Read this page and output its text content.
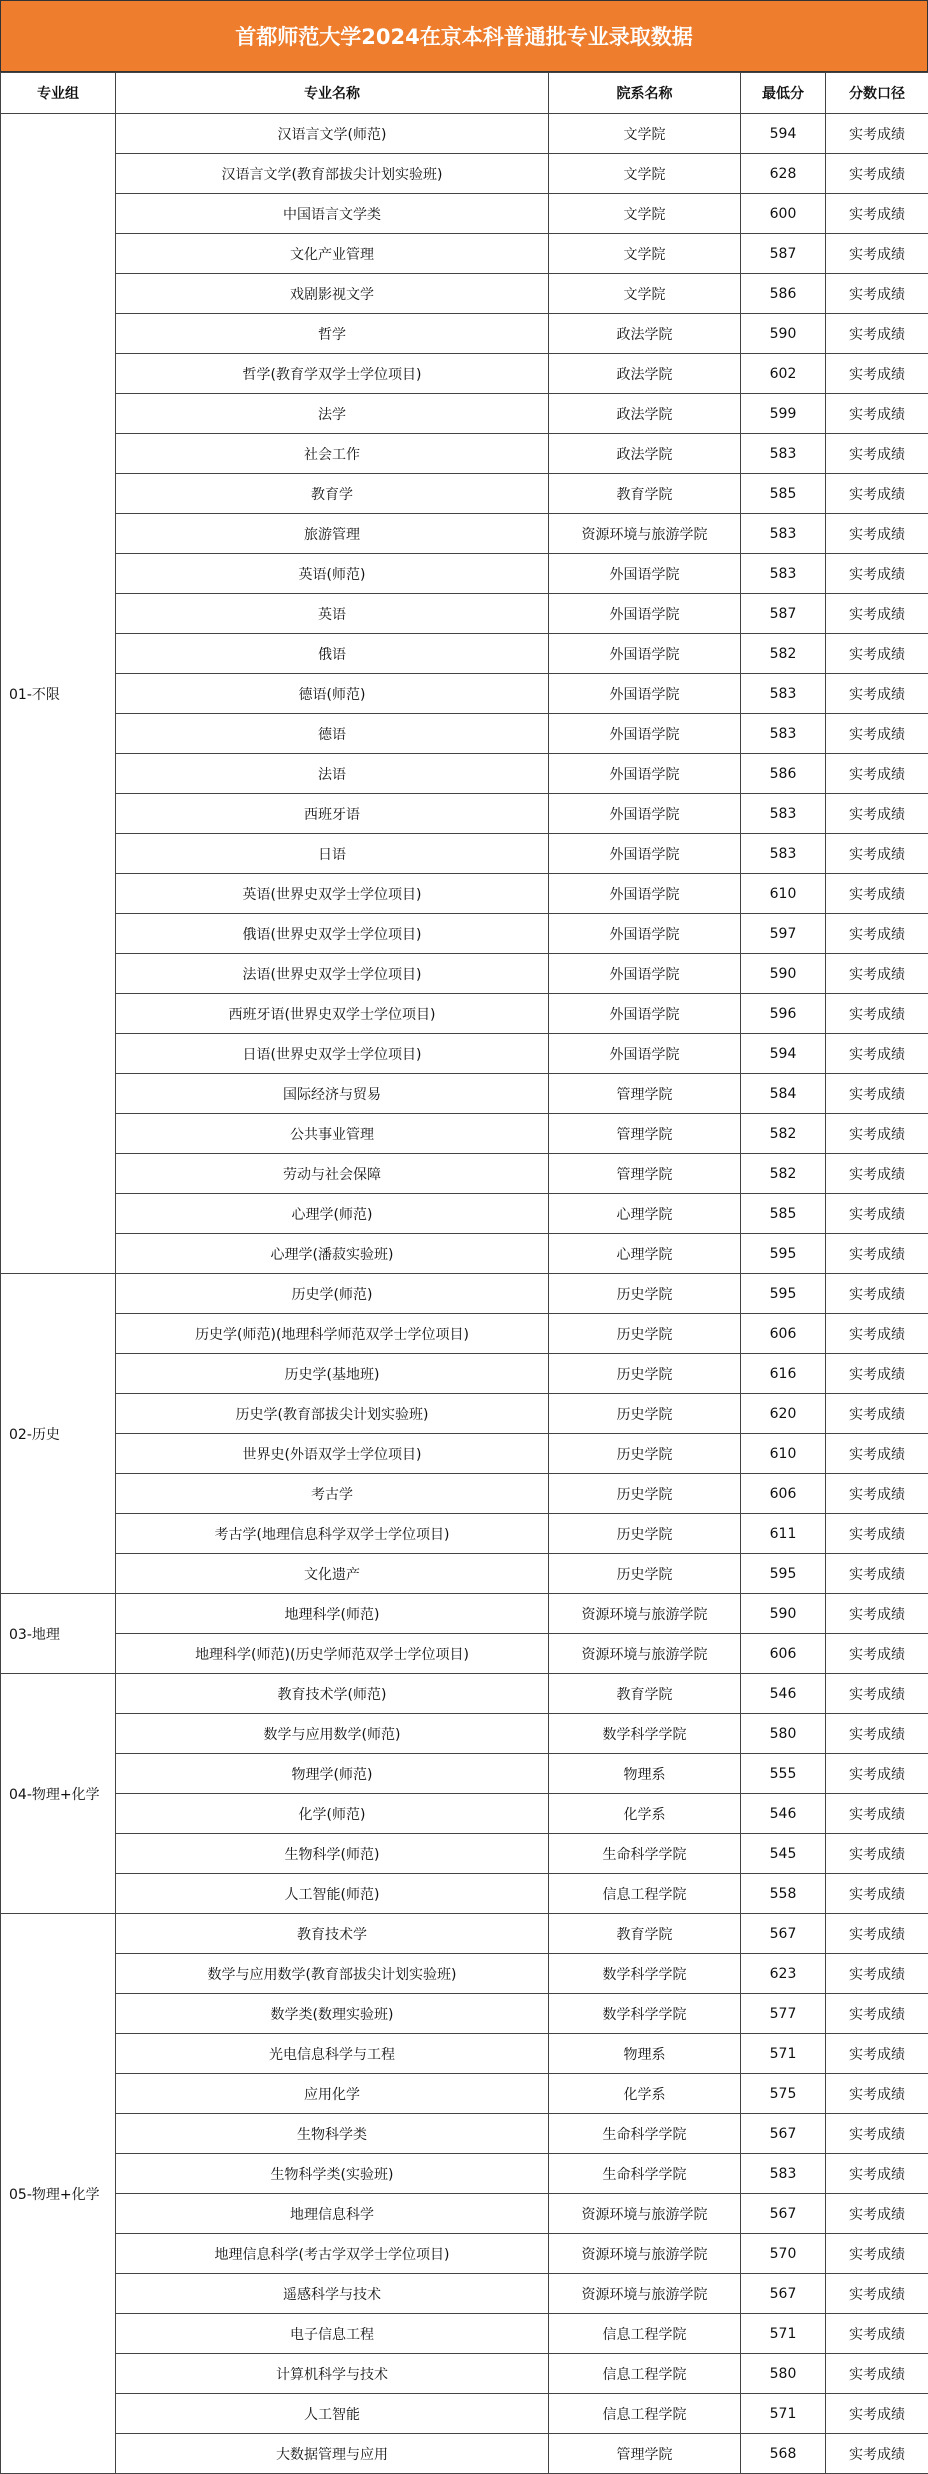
首都师范大学2024在京本科普通批专业录取数据
专业组	专业名称	院系名称	最低分	分数口径
01-不限	汉语言文学(师范)	文学院	594	实考成绩
	汉语言文学(教育部拔尖计划实验班)	文学院	628	实考成绩
	中国语言文学类	文学院	600	实考成绩
	文化产业管理	文学院	587	实考成绩
	戏剧影视文学	文学院	586	实考成绩
	哲学	政法学院	590	实考成绩
	哲学(教育学双学士学位项目)	政法学院	602	实考成绩
	法学	政法学院	599	实考成绩
	社会工作	政法学院	583	实考成绩
	教育学	教育学院	585	实考成绩
	旅游管理	资源环境与旅游学院	583	实考成绩
	英语(师范)	外国语学院	583	实考成绩
	英语	外国语学院	587	实考成绩
	俄语	外国语学院	582	实考成绩
	德语(师范)	外国语学院	583	实考成绩
	德语	外国语学院	583	实考成绩
	法语	外国语学院	586	实考成绩
	西班牙语	外国语学院	583	实考成绩
	日语	外国语学院	583	实考成绩
	英语(世界史双学士学位项目)	外国语学院	610	实考成绩
	俄语(世界史双学士学位项目)	外国语学院	597	实考成绩
	法语(世界史双学士学位项目)	外国语学院	590	实考成绩
	西班牙语(世界史双学士学位项目)	外国语学院	596	实考成绩
	日语(世界史双学士学位项目)	外国语学院	594	实考成绩
	国际经济与贸易	管理学院	584	实考成绩
	公共事业管理	管理学院	582	实考成绩
	劳动与社会保障	管理学院	582	实考成绩
	心理学(师范)	心理学院	585	实考成绩
	心理学(潘菽实验班)	心理学院	595	实考成绩
02-历史	历史学(师范)	历史学院	595	实考成绩
	历史学(师范)(地理科学师范双学士学位项目)	历史学院	606	实考成绩
	历史学(基地班)	历史学院	616	实考成绩
	历史学(教育部拔尖计划实验班)	历史学院	620	实考成绩
	世界史(外语双学士学位项目)	历史学院	610	实考成绩
	考古学	历史学院	606	实考成绩
	考古学(地理信息科学双学士学位项目)	历史学院	611	实考成绩
	文化遗产	历史学院	595	实考成绩
03-地理	地理科学(师范)	资源环境与旅游学院	590	实考成绩
	地理科学(师范)(历史学师范双学士学位项目)	资源环境与旅游学院	606	实考成绩
04-物理+化学	教育技术学(师范)	教育学院	546	实考成绩
	数学与应用数学(师范)	数学科学学院	580	实考成绩
	物理学(师范)	物理系	555	实考成绩
	化学(师范)	化学系	546	实考成绩
	生物科学(师范)	生命科学学院	545	实考成绩
	人工智能(师范)	信息工程学院	558	实考成绩
05-物理+化学	教育技术学	教育学院	567	实考成绩
	数学与应用数学(教育部拔尖计划实验班)	数学科学学院	623	实考成绩
	数学类(数理实验班)	数学科学学院	577	实考成绩
	光电信息科学与工程	物理系	571	实考成绩
	应用化学	化学系	575	实考成绩
	生物科学类	生命科学学院	567	实考成绩
	生物科学类(实验班)	生命科学学院	583	实考成绩
	地理信息科学	资源环境与旅游学院	567	实考成绩
	地理信息科学(考古学双学士学位项目)	资源环境与旅游学院	570	实考成绩
	遥感科学与技术	资源环境与旅游学院	567	实考成绩
	电子信息工程	信息工程学院	571	实考成绩
	计算机科学与技术	信息工程学院	580	实考成绩
	人工智能	信息工程学院	571	实考成绩
	大数据管理与应用	管理学院	568	实考成绩
